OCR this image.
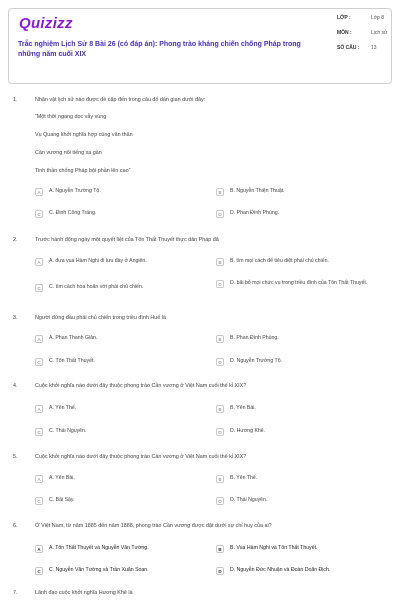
Quizizz
Trắc nghiệm Lịch Sử 8 Bài 26 (có đáp án): Phong trào kháng chiến chống Pháp trong những năm cuối XIX
LỚP :	Lớp 8
MÔN :	Lịch sử
SỐ CÂU :	13
1.	Nhân vật lịch sử nào được đề cập đến trong câu đố dân gian dưới đây:
“Một thời ngang dọc vẫy vùng
Vụ Quang khởi nghĩa hợp cùng văn thân
Cần vương nổi tiếng xa gần
Tinh thần chống Pháp bội phần lên cao”
A	A. Nguyễn Trường Tộ.	B	B. Nguyễn Thiện Thuật.
C	C. Đinh Công Tráng.	D	D. Phan Đình Phùng.
2.	Trước hành động ngày một quyết liệt của Tôn Thất Thuyết thực dân Pháp đã
A	A. đưa vua Hàm Nghi đi lưu đày ở Angiêri.	B	B. tìm mọi cách để tiêu diệt phái chủ chiến.
C	C. tìm cách hòa hoãn với phái chủ chiến.	D	D. bãi bỏ mọi chức vụ trong triều đình của Tôn Thất Thuyết.
3.	Người đứng đầu phái chủ chiến trong triều đình Huế là
A	A. Phan Thanh Giản.	B	B. Phan Đình Phùng.
C	C. Tôn Thất Thuyết.	D	D. Nguyễn Trường Tộ.
4.	Cuộc khởi nghĩa nào dưới đây thuộc phong trào Cần vương ở Việt Nam cuối thế kỉ XIX?
A	A. Yên Thế.	B	B. Yên Bái.
C	C. Thái Nguyên.	D	D. Hương Khê.
5.	Cuộc khởi nghĩa nào dưới đây thuộc phong trào Cần vương ở Việt Nam cuối thế kỉ XIX?
A	A. Yên Bái.	B	B. Yên Thế.
C	C. Bãi Sậy.	D	D. Thái Nguyên.
6.	Ở Việt Nam, từ năm 1885 đến năm 1888, phong trào Cần vương được đặt dưới sự chỉ huy của ai?
A	A. Tôn Thất Thuyết và Nguyễn Văn Tường.	B	B. Vua Hàm Nghi và Tôn Thất Thuyết.
C	C. Nguyễn Văn Tường và Trần Xuân Soạn.	D	D. Nguyễn Đức Nhuận và Đoàn Doãn Địch.
7.	Lãnh đạo cuộc khởi nghĩa Hương Khê là
